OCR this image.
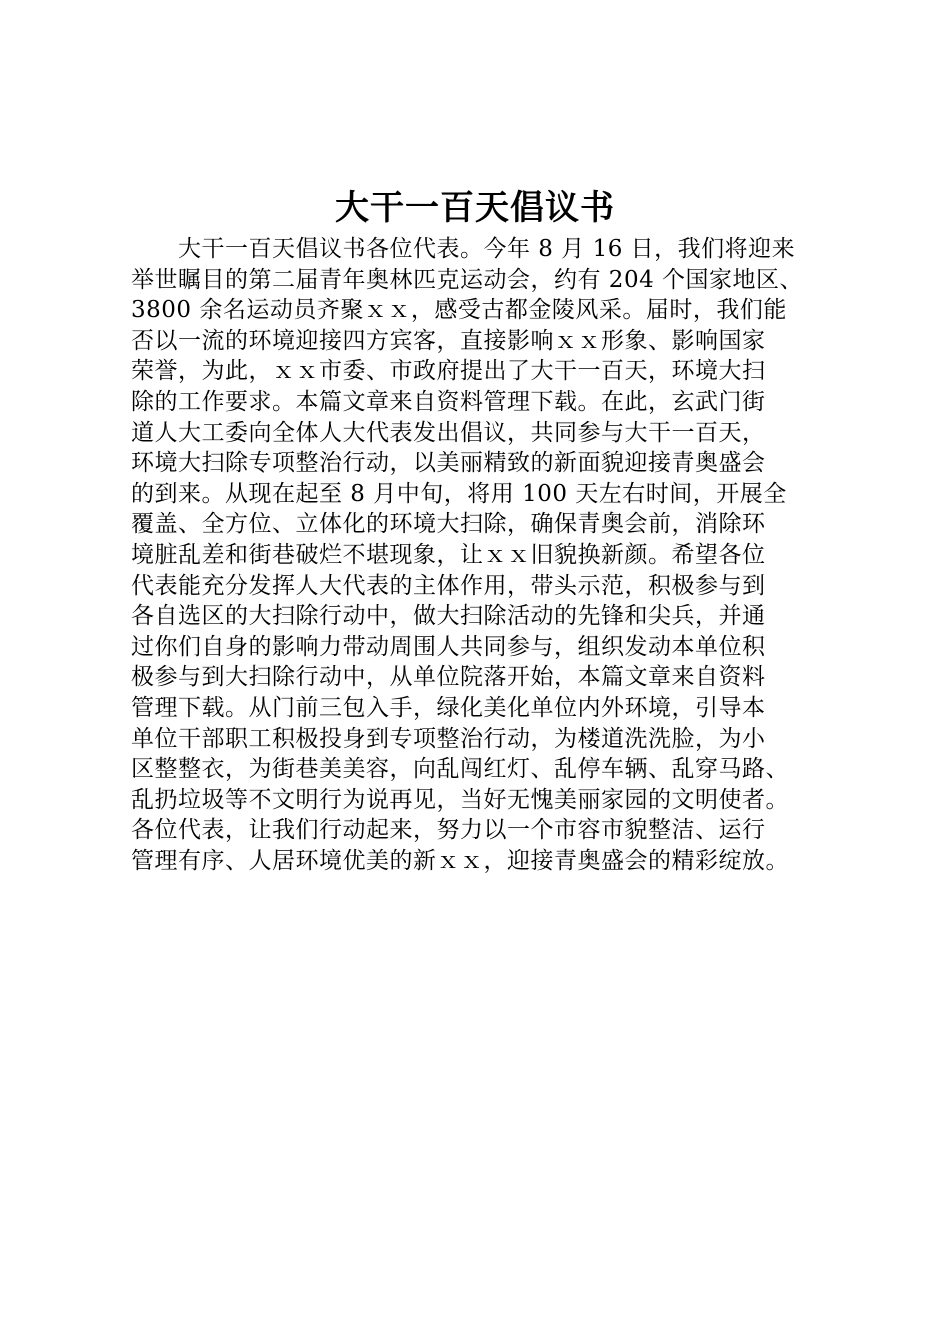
大干一百天倡议书
　　大干一百天倡议书各位代表。今年 8 月 16 日，我们将迎来
举世瞩目的第二届青年奥林匹克运动会，约有 204 个国家地区、
3800 余名运动员齐聚ｘｘ，感受古都金陵风采。届时，我们能
否以一流的环境迎接四方宾客，直接影响ｘｘ形象、影响国家
荣誉，为此，ｘｘ市委、市政府提出了大干一百天，环境大扫
除的工作要求。本篇文章来自资料管理下载。在此，玄武门街
道人大工委向全体人大代表发出倡议，共同参与大干一百天，
环境大扫除专项整治行动，以美丽精致的新面貌迎接青奥盛会
的到来。从现在起至 8 月中旬，将用 100 天左右时间，开展全
覆盖、全方位、立体化的环境大扫除，确保青奥会前，消除环
境脏乱差和街巷破烂不堪现象，让ｘｘ旧貌换新颜。希望各位
代表能充分发挥人大代表的主体作用，带头示范，积极参与到
各自选区的大扫除行动中，做大扫除活动的先锋和尖兵，并通
过你们自身的影响力带动周围人共同参与，组织发动本单位积
极参与到大扫除行动中，从单位院落开始，本篇文章来自资料
管理下载。从门前三包入手，绿化美化单位内外环境，引导本
单位干部职工积极投身到专项整治行动，为楼道洗洗脸，为小
区整整衣，为街巷美美容，向乱闯红灯、乱停车辆、乱穿马路、
乱扔垃圾等不文明行为说再见，当好无愧美丽家园的文明使者。
各位代表，让我们行动起来，努力以一个市容市貌整洁、运行
管理有序、人居环境优美的新ｘｘ，迎接青奥盛会的精彩绽放。
